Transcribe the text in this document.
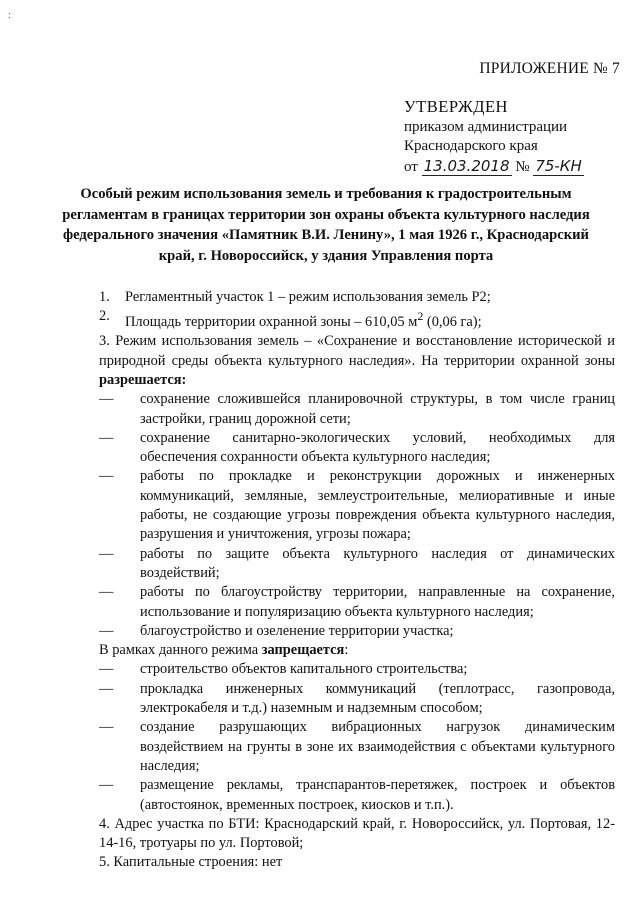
:
ПРИЛОЖЕНИЕ № 7
УТВЕРЖДЕН
приказом администрации
Краснодарского края
от 13.03.2018 № 75-КН
Особый режим использования земель и требования к градостроительным регламентам в границах территории зон охраны объекта культурного наследия федерального значения «Памятник В.И. Ленину», 1 мая 1926 г., Краснодарский край, г. Новороссийск, у здания Управления порта
1.	Регламентный участок 1 – режим использования земель Р2;
2.	Площадь территории охранной зоны – 610,05 $м^2$ (0,06 га);
3. Режим использования земель – «Сохранение и восстановление исторической и природной среды объекта культурного наследия». На территории охранной зоны разрешается:
—	сохранение сложившейся планировочной структуры, в том числе границ застройки, границ дорожной сети;
—	сохранение санитарно-экологических условий, необходимых для обеспечения сохранности объекта культурного наследия;
—	работы по прокладке и реконструкции дорожных и инженерных коммуникаций, земляные, землеустроительные, мелиоративные и иные работы, не создающие угрозы повреждения объекта культурного наследия, разрушения и уничтожения, угрозы пожара;
—	работы по защите объекта культурного наследия от динамических воздействий;
—	работы по благоустройству территории, направленные на сохранение, использование и популяризацию объекта культурного наследия;
—	благоустройство и озеленение территории участка;
В рамках данного режима запрещается:
—	строительство объектов капитального строительства;
—	прокладка инженерных коммуникаций (теплотрасс, газопровода, электрокабеля и т.д.) наземным и надземным способом;
—	создание разрушающих вибрационных нагрузок динамическим воздействием на грунты в зоне их взаимодействия с объектами культурного наследия;
—	размещение рекламы, транспарантов-перетяжек, построек и объектов (автостоянок, временных построек, киосков и т.п.).
4. Адрес участка по БТИ: Краснодарский край, г. Новороссийск, ул. Портовая, 12-14-16, тротуары по ул. Портовой;
5. Капитальные строения: нет
